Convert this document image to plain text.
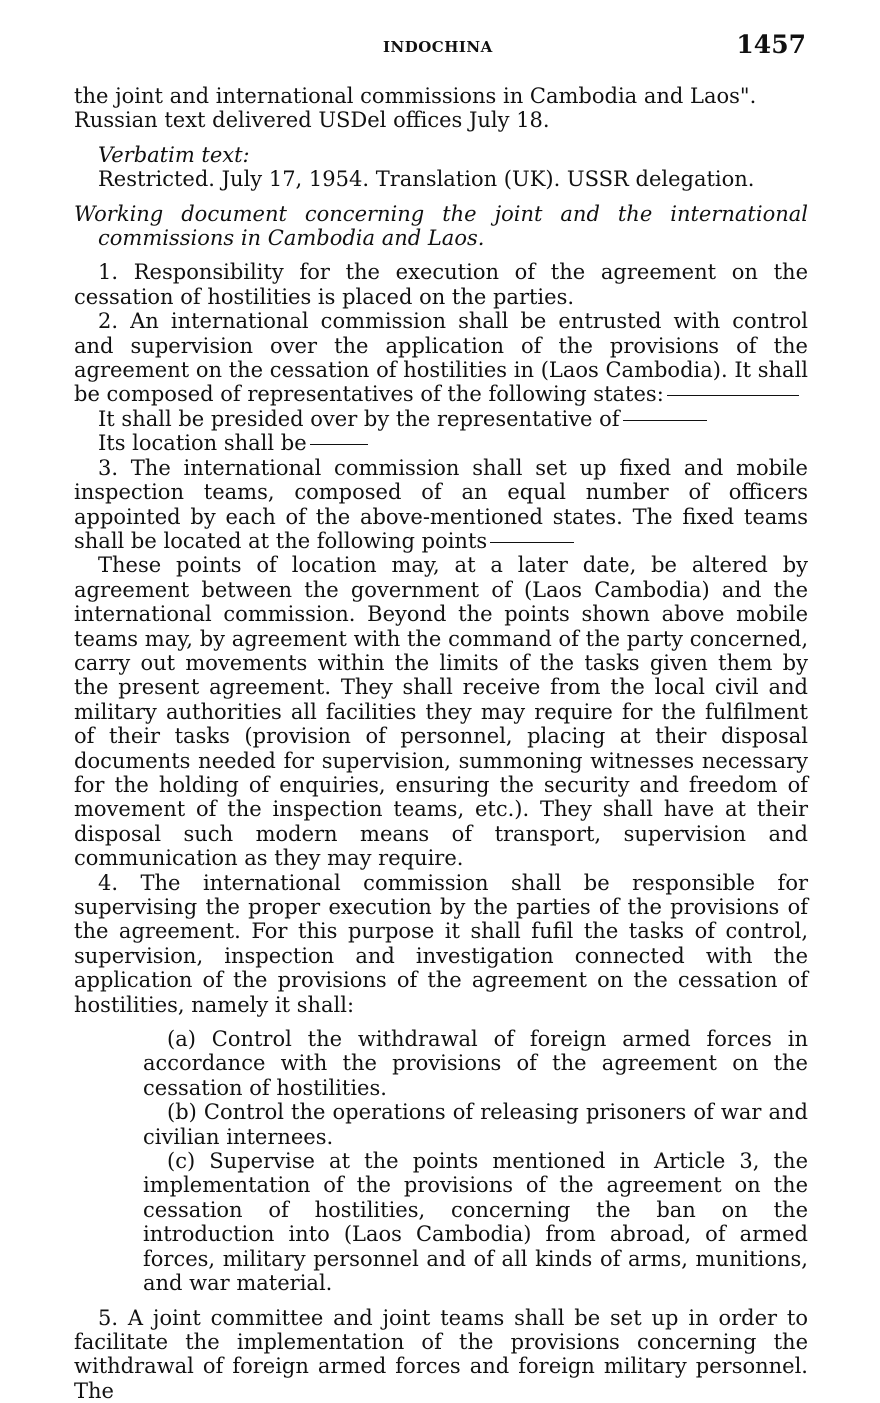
INDOCHINA	1457

the joint and international commissions in Cambodia and Laos".

Russian text delivered USDel offices July 18.

Verbatim text:

Restricted. July 17, 1954. Translation (UK). USSR delegation.

Working document concerning the joint and the international commissions in Cambodia and Laos.

1. Responsibility for the execution of the agreement on the cessation of hostilities is placed on the parties.

2. An international commission shall be entrusted with control and supervision over the application of the provisions of the agreement on the cessation of hostilities in (Laos Cambodia). It shall be composed of representatives of the following states:

It shall be presided over by the representative of

Its location shall be

3. The international commission shall set up fixed and mobile inspection teams, composed of an equal number of officers appointed by each of the above-mentioned states. The fixed teams shall be located at the following points

These points of location may, at a later date, be altered by agreement between the government of (Laos Cambodia) and the international commission. Beyond the points shown above mobile teams may, by agreement with the command of the party concerned, carry out movements within the limits of the tasks given them by the present agreement. They shall receive from the local civil and military authorities all facilities they may require for the fulfilment of their tasks (provision of personnel, placing at their disposal documents needed for supervision, summoning witnesses necessary for the holding of enquiries, ensuring the security and freedom of movement of the inspection teams, etc.). They shall have at their disposal such modern means of transport, supervision and communication as they may require.

4. The international commission shall be responsible for supervising the proper execution by the parties of the provisions of the agreement. For this purpose it shall fufil the tasks of control, supervision, inspection and investigation connected with the application of the provisions of the agreement on the cessation of hostilities, namely it shall:

(a) Control the withdrawal of foreign armed forces in accordance with the provisions of the agreement on the cessation of hostilities.

(b) Control the operations of releasing prisoners of war and civilian internees.

(c) Supervise at the points mentioned in Article 3, the implementation of the provisions of the agreement on the cessation of hostilities, concerning the ban on the introduction into (Laos Cambodia) from abroad, of armed forces, military personnel and of all kinds of arms, munitions, and war material.

5. A joint committee and joint teams shall be set up in order to facilitate the implementation of the provisions concerning the withdrawal of foreign armed forces and foreign military personnel. The
